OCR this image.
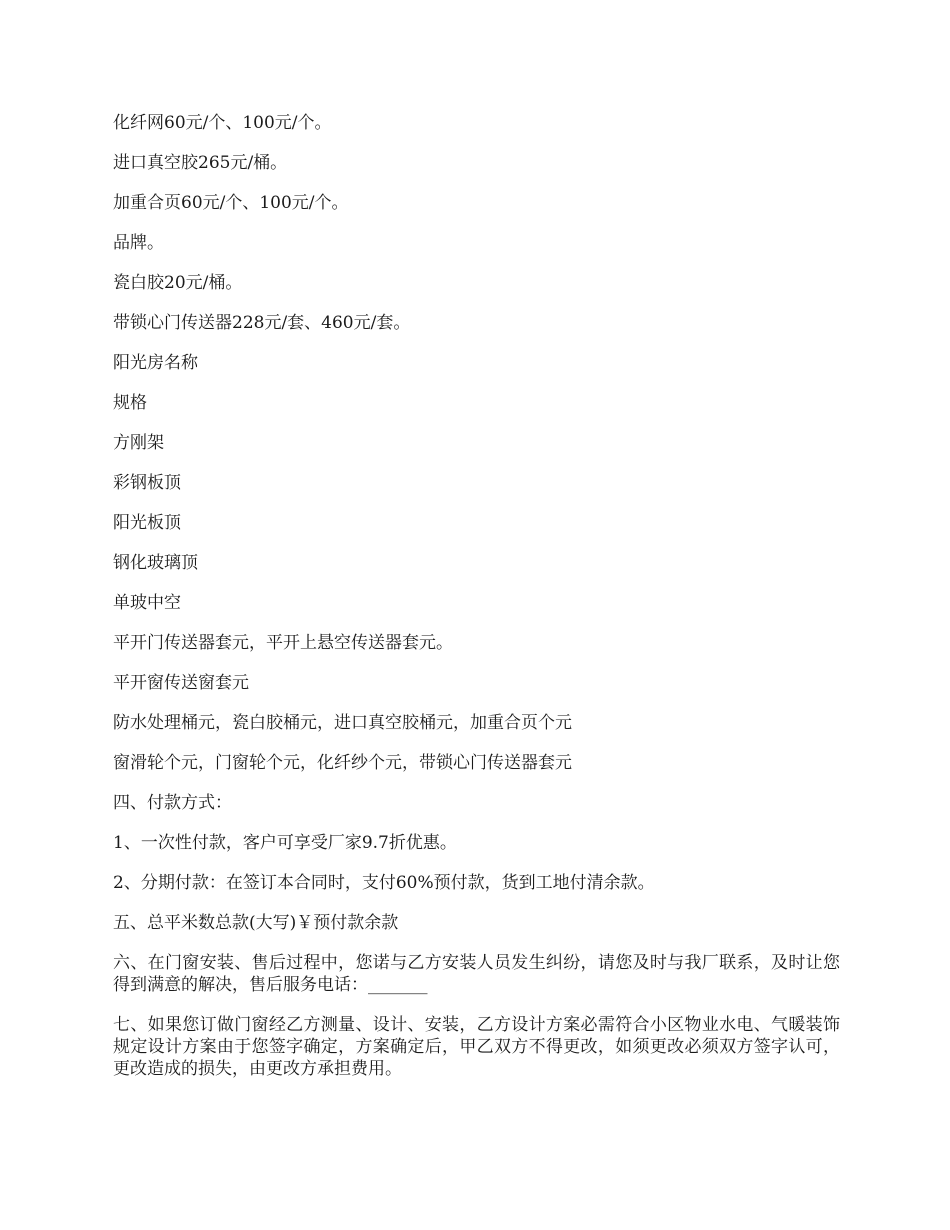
化纤网60元/个、100元/个。

进口真空胶265元/桶。

加重合页60元/个、100元/个。

品牌。

瓷白胶20元/桶。

带锁心门传送器228元/套、460元/套。

阳光房名称

规格

方刚架

彩钢板顶

阳光板顶

钢化玻璃顶

单玻中空

平开门传送器套元，平开上悬空传送器套元。

平开窗传送窗套元

防水处理桶元，瓷白胶桶元，进口真空胶桶元，加重合页个元

窗滑轮个元，门窗轮个元，化纤纱个元，带锁心门传送器套元

四、付款方式：

1、一次性付款，客户可享受厂家9.7折优惠。

2、分期付款：在签订本合同时，支付60%预付款，货到工地付清余款。

五、总平米数总款(大写)￥预付款余款

六、在门窗安装、售后过程中，您诺与乙方安装人员发生纠纷，请您及时与我厂联系，及时让您得到满意的解决，售后服务电话：_______

七、如果您订做门窗经乙方测量、设计、安装，乙方设计方案必需符合小区物业水电、气暖装饰规定设计方案由于您签字确定，方案确定后，甲乙双方不得更改，如须更改必须双方签字认可，更改造成的损失，由更改方承担费用。
